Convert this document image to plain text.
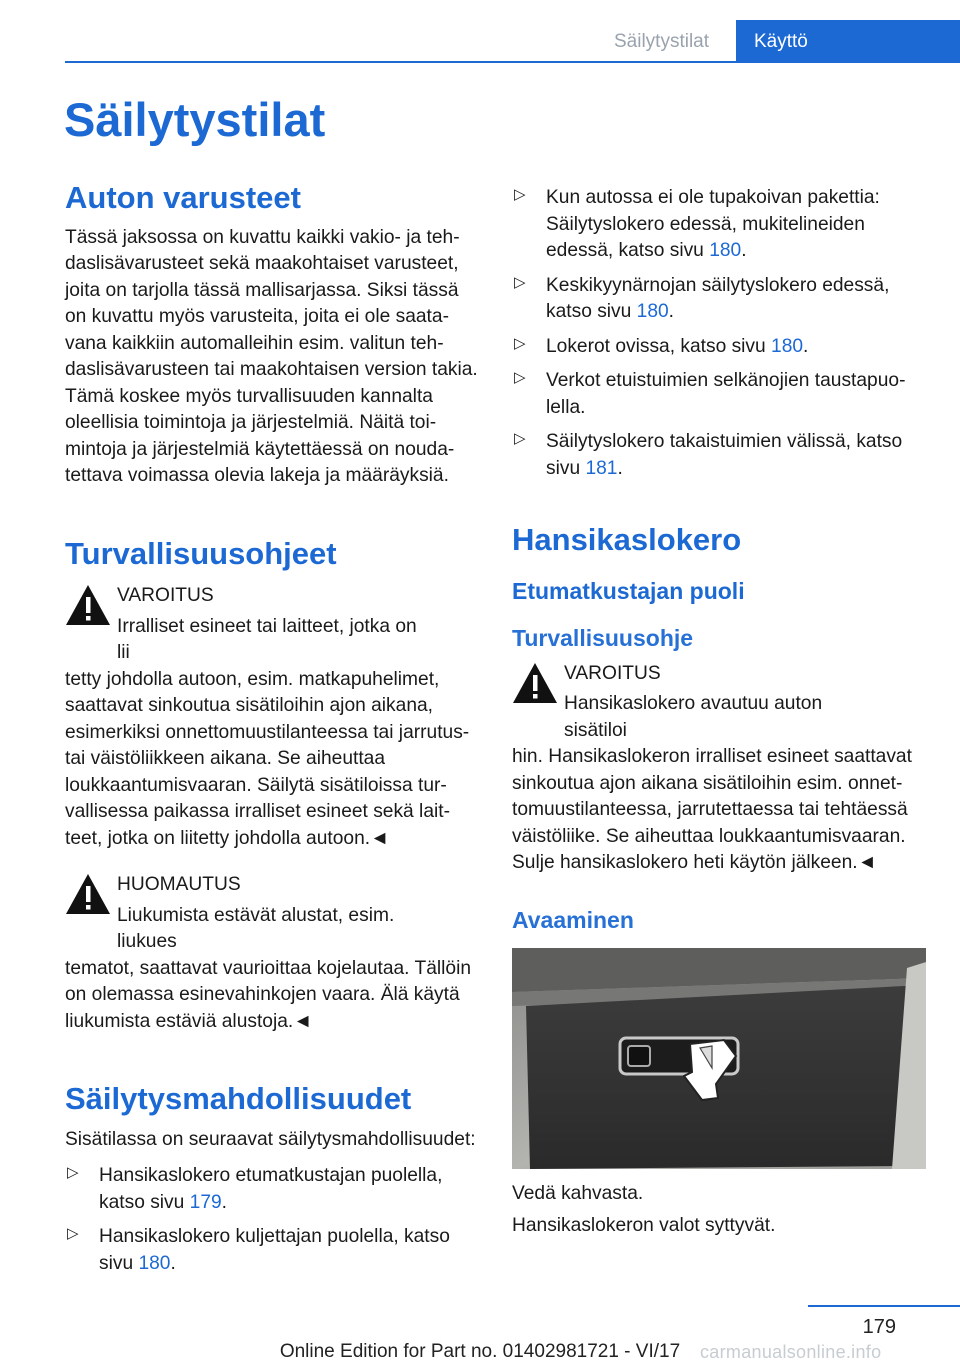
Säilytystilat	Käyttö
Säilytystilat
Auton varusteet

Tässä jaksossa on kuvattu kaikki vakio- ja tehdaslisävarusteet sekä maakohtaiset varusteet, joita on tarjolla tässä mallisarjassa. Siksi tässä on kuvattu myös varusteita, joita ei ole saatavana kaikkiin automalleihin esim. valitun tehdaslisävarusteen tai maakohtaisen version takia. Tämä koskee myös turvallisuuden kannalta oleellisia toimintoja ja järjestelmiä. Näitä toimintoja ja järjestelmiä käytettäessä on noudatettava voimassa olevia lakeja ja määräyksiä.

Turvallisuusohjeet
VAROITUS
Irralliset esineet tai laitteet, jotka on lii
tetty johdolla autoon, esim. matkapuhelimet, saattavat sinkoutua sisätiloihin ajon aikana, esimerkiksi onnettomuustilanteessa tai jarrutus- tai väistöliikkeen aikana. Se aiheuttaa loukkaantumisvaaran. Säilytä sisätiloissa turvallisessa paikassa irralliset esineet sekä laitteet, jotka on liitetty johdolla autoon.◄
HUOMAUTUS
Liukumista estävät alustat, esim. liukues
tematot, saattavat vaurioittaa kojelautaa. Tällöin on olemassa esinevahinkojen vaara. Älä käytä liukumista estäviä alustoja.◄
Säilytysmahdollisuudet

Sisätilassa on seuraavat säilytysmahdollisuudet:

▷ Hansikaslokero etumatkustajan puolella, katso sivu 179.
▷ Hansikaslokero kuljettajan puolella, katso sivu 180.
▷ Kun autossa ei ole tupakoivan pakettia: Säilytyslokero edessä, mukitelineiden edessä, katso sivu 180.
▷ Keskikyynärnojan säilytyslokero edessä, katso sivu 180.
▷ Lokerot ovissa, katso sivu 180.
▷ Verkot etuistuimien selkänojien taustapuolella.
▷ Säilytyslokero takaistuimien välissä, katso sivu 181.
Hansikaslokero
Etumatkustajan puoli
Turvallisuusohje
VAROITUS
Hansikaslokero avautuu auton sisätiloi
hin. Hansikaslokeron irralliset esineet saattavat sinkoutua ajon aikana sisätiloihin esim. onnettomuustilanteessa, jarrutettaessa tai tehtäessä väistöliike. Se aiheuttaa loukkaantumisvaaran. Sulje hansikaslokero heti käytön jälkeen.◄
Avaaminen

Vedä kahvasta.

Hansikaslokeron valot syttyvät.

179
Online Edition for Part no. 01402981721 - VI/17	carmanualsonline.info
